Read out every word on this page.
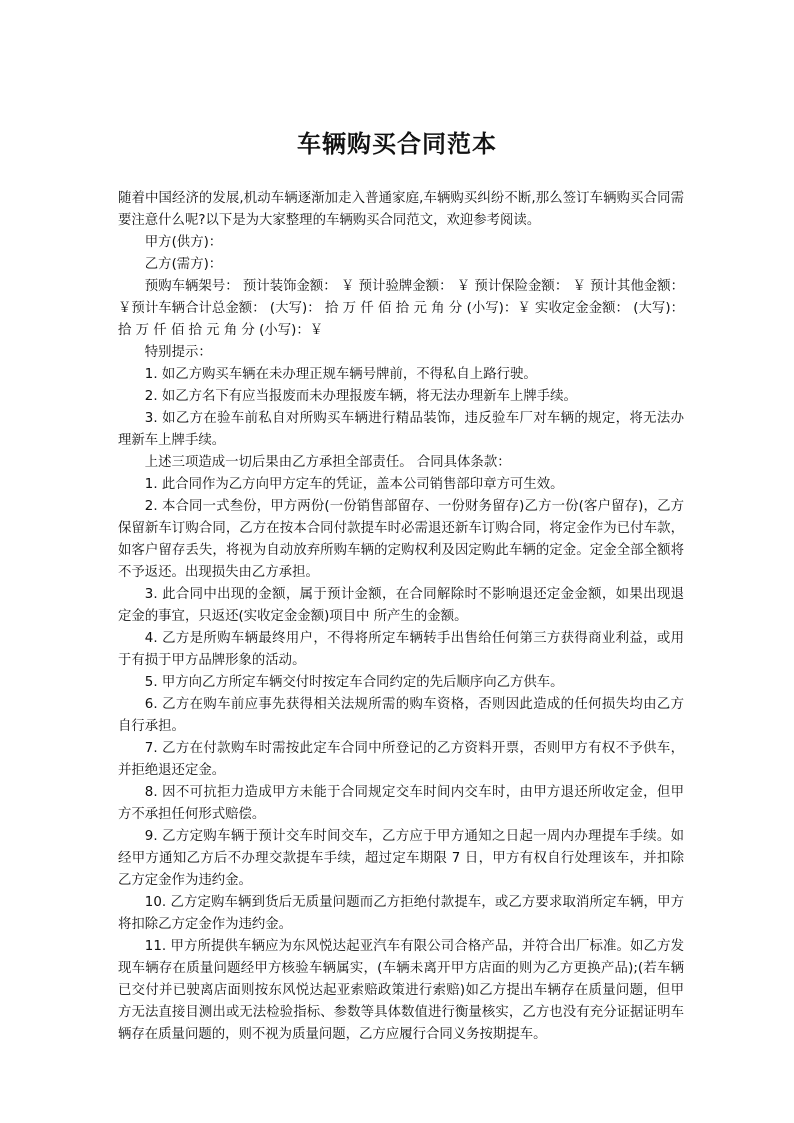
车辆购买合同范本

随着中国经济的发展,机动车辆逐渐加走入普通家庭,车辆购买纠纷不断,那么签订车辆购买合同需要注意什么呢?以下是为大家整理的车辆购买合同范文，欢迎参考阅读。

甲方(供方)：

乙方(需方)：

预购车辆架号： 预计装饰金额： ￥ 预计验牌金额： ￥ 预计保险金额： ￥ 预计其他金额： ￥预计车辆合计总金额： (大写)： 拾 万 仟 佰 拾 元 角 分 (小写)：￥ 实收定金金额： (大写)： 拾 万 仟 佰 拾 元 角 分 (小写)：￥

特别提示：

1. 如乙方购买车辆在未办理正规车辆号牌前，不得私自上路行驶。

2. 如乙方名下有应当报废而未办理报废车辆，将无法办理新车上牌手续。

3. 如乙方在验车前私自对所购买车辆进行精品装饰，违反验车厂对车辆的规定，将无法办理新车上牌手续。

上述三项造成一切后果由乙方承担全部责任。 合同具体条款：

1. 此合同作为乙方向甲方定车的凭证，盖本公司销售部印章方可生效。

2. 本合同一式叁份，甲方两份(一份销售部留存、一份财务留存)乙方一份(客户留存)，乙方保留新车订购合同，乙方在按本合同付款提车时必需退还新车订购合同，将定金作为已付车款，如客户留存丢失，将视为自动放弃所购车辆的定购权利及因定购此车辆的定金。定金全部全额将不予返还。出现损失由乙方承担。

3. 此合同中出现的金额，属于预计金额，在合同解除时不影响退还定金金额，如果出现退定金的事宜，只返还(实收定金金额)项目中 所产生的金额。

4. 乙方是所购车辆最终用户，不得将所定车辆转手出售给任何第三方获得商业利益，或用于有损于甲方品牌形象的活动。

5. 甲方向乙方所定车辆交付时按定车合同约定的先后顺序向乙方供车。

6. 乙方在购车前应事先获得相关法规所需的购车资格，否则因此造成的任何损失均由乙方自行承担。

7. 乙方在付款购车时需按此定车合同中所登记的乙方资料开票，否则甲方有权不予供车，并拒绝退还定金。

8. 因不可抗拒力造成甲方未能于合同规定交车时间内交车时，由甲方退还所收定金，但甲方不承担任何形式赔偿。

9. 乙方定购车辆于预计交车时间交车，乙方应于甲方通知之日起一周内办理提车手续。如经甲方通知乙方后不办理交款提车手续，超过定车期限 7 日，甲方有权自行处理该车，并扣除乙方定金作为违约金。

10. 乙方定购车辆到货后无质量问题而乙方拒绝付款提车，或乙方要求取消所定车辆，甲方将扣除乙方定金作为违约金。

11. 甲方所提供车辆应为东风悦达起亚汽车有限公司合格产品，并符合出厂标准。如乙方发现车辆存在质量问题经甲方核验车辆属实，(车辆未离开甲方店面的则为乙方更换产品);(若车辆已交付并已驶离店面则按东风悦达起亚索赔政策进行索赔)如乙方提出车辆存在质量问题，但甲方无法直接目测出或无法检验指标、参数等具体数值进行衡量核实，乙方也没有充分证据证明车辆存在质量问题的，则不视为质量问题，乙方应履行合同义务按期提车。
